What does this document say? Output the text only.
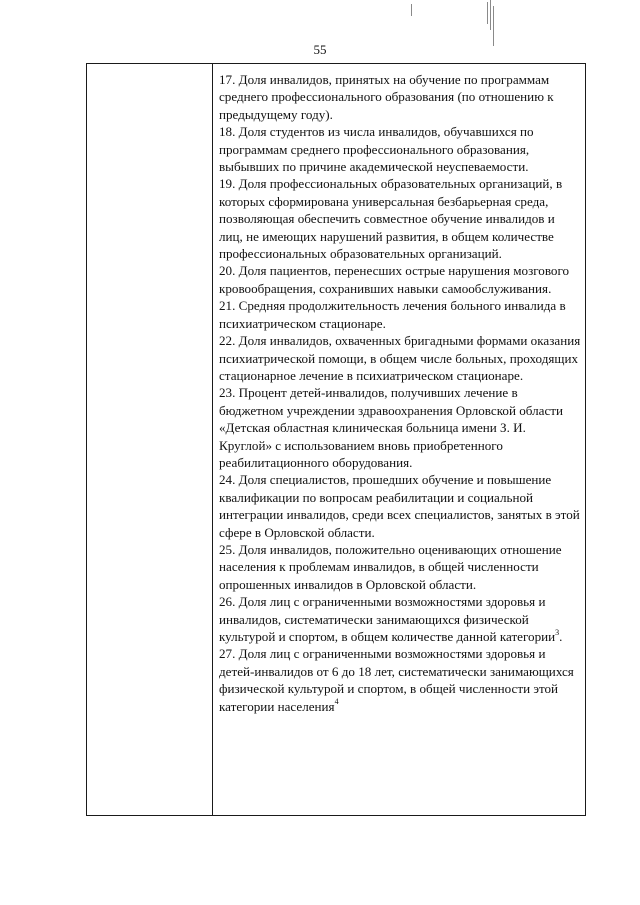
55

17. Доля инвалидов, принятых на обучение по программам среднего профессионального образования (по отношению к предыдущему году).

18. Доля студентов из числа инвалидов, обучавшихся по программам среднего профессионального образования, выбывших по причине академической неуспеваемости.

19. Доля профессиональных образовательных организаций, в которых сформирована универсальная безбарьерная среда, позволяющая обеспечить совместное обучение инвалидов и лиц, не имеющих нарушений развития, в общем количестве профессиональных образовательных организаций.

20. Доля пациентов, перенесших острые нарушения мозгового кровообращения, сохранивших навыки самообслуживания.

21. Средняя продолжительность лечения больного инвалида в психиатрическом стационаре.

22. Доля инвалидов, охваченных бригадными формами оказания психиатрической помощи, в общем числе больных, проходящих стационарное лечение в психиатрическом стационаре.

23. Процент детей-инвалидов, получивших лечение в бюджетном учреждении здравоохранения Орловской области «Детская областная клиническая больница имени З. И. Круглой» с использованием вновь приобретенного реабилитационного оборудования.

24. Доля специалистов, прошедших обучение и повышение квалификации по вопросам реабилитации и социальной интеграции инвалидов, среди всех специалистов, занятых в этой сфере в Орловской области.

25. Доля инвалидов, положительно оценивающих отношение населения к проблемам инвалидов, в общей численности опрошенных инвалидов в Орловской области.

26. Доля лиц с ограниченными возможностями здоровья и инвалидов, систематически занимающихся физической культурой и спортом, в общем количестве данной категории$^3$.

27. Доля лиц с ограниченными возможностями здоровья и детей-инвалидов от 6 до 18 лет, систематически занимающихся физической культурой и спортом, в общей численности этой категории населения$^4$
